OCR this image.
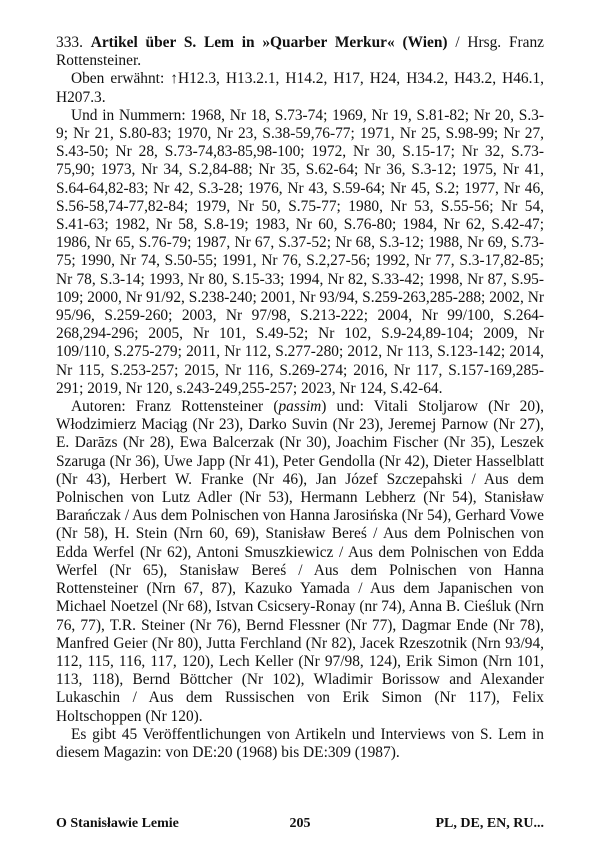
333. Artikel über S. Lem in »Quarber Merkur« (Wien) / Hrsg. Franz Rottensteiner.

Oben erwähnt: ↑H12.3, H13.2.1, H14.2, H17, H24, H34.2, H43.2, H46.1, H207.3.

Und in Nummern: 1968, Nr 18, S.73-74; 1969, Nr 19, S.81-82; Nr 20, S.3-9; Nr 21, S.80-83; 1970, Nr 23, S.38-59,76-77; 1971, Nr 25, S.98-99; Nr 27, S.43-50; Nr 28, S.73-74,83-85,98-100; 1972, Nr 30, S.15-17; Nr 32, S.73-75,90; 1973, Nr 34, S.2,84-88; Nr 35, S.62-64; Nr 36, S.3-12; 1975, Nr 41, S.64-64,82-83; Nr 42, S.3-28; 1976, Nr 43, S.59-64; Nr 45, S.2; 1977, Nr 46, S.56-58,74-77,82-84; 1979, Nr 50, S.75-77; 1980, Nr 53, S.55-56; Nr 54, S.41-63; 1982, Nr 58, S.8-19; 1983, Nr 60, S.76-80; 1984, Nr 62, S.42-47; 1986, Nr 65, S.76-79; 1987, Nr 67, S.37-52; Nr 68, S.3-12; 1988, Nr 69, S.73-75; 1990, Nr 74, S.50-55; 1991, Nr 76, S.2,27-56; 1992, Nr 77, S.3-17,82-85; Nr 78, S.3-14; 1993, Nr 80, S.15-33; 1994, Nr 82, S.33-42; 1998, Nr 87, S.95-109; 2000, Nr 91/92, S.238-240; 2001, Nr 93/94, S.259-263,285-288; 2002, Nr 95/96, S.259-260; 2003, Nr 97/98, S.213-222; 2004, Nr 99/100, S.264-268,294-296; 2005, Nr 101, S.49-52; Nr 102, S.9-24,89-104; 2009, Nr 109/110, S.275-279; 2011, Nr 112, S.277-280; 2012, Nr 113, S.123-142; 2014, Nr 115, S.253-257; 2015, Nr 116, S.269-274; 2016, Nr 117, S.157-169,285-291; 2019, Nr 120, s.243-249,255-257; 2023, Nr 124, S.42-64.

Autoren: Franz Rottensteiner (passim) und: Vitali Stoljarow (Nr 20), Włodzimierz Maciąg (Nr 23), Darko Suvin (Nr 23), Jeremej Parnow (Nr 27), E. Darāzs (Nr 28), Ewa Balcerzak (Nr 30), Joachim Fischer (Nr 35), Leszek Szaruga (Nr 36), Uwe Japp (Nr 41), Peter Gendolla (Nr 42), Dieter Hasselblatt (Nr 43), Herbert W. Franke (Nr 46), Jan Józef Szczepahski / Aus dem Polnischen von Lutz Adler (Nr 53), Hermann Lebherz (Nr 54), Stanisław Barańczak / Aus dem Polnischen von Hanna Jarosińska (Nr 54), Gerhard Vowe (Nr 58), H. Stein (Nrn 60, 69), Stanisław Bereś / Aus dem Polnischen von Edda Werfel (Nr 62), Antoni Smuszkiewicz / Aus dem Polnischen von Edda Werfel (Nr 65), Stanisław Bereś / Aus dem Polnischen von Hanna Rottensteiner (Nrn 67, 87), Kazuko Yamada / Aus dem Japanischen von Michael Noetzel (Nr 68), Istvan Csicsery-Ronay (nr 74), Anna B. Cieśluk (Nrn 76, 77), T.R. Steiner (Nr 76), Bernd Flessner (Nr 77), Dagmar Ende (Nr 78), Manfred Geier (Nr 80), Jutta Ferchland (Nr 82), Jacek Rzeszotnik (Nrn 93/94, 112, 115, 116, 117, 120), Lech Keller (Nr 97/98, 124), Erik Simon (Nrn 101, 113, 118), Bernd Böttcher (Nr 102), Wladimir Borissow and Alexander Lukaschin / Aus dem Russischen von Erik Simon (Nr 117), Felix Holtschoppen (Nr 120).

Es gibt 45 Veröffentlichungen von Artikeln und Interviews von S. Lem in diesem Magazin: von DE:20 (1968) bis DE:309 (1987).

O Stanisławie Lemie	205	PL, DE, EN, RU...
